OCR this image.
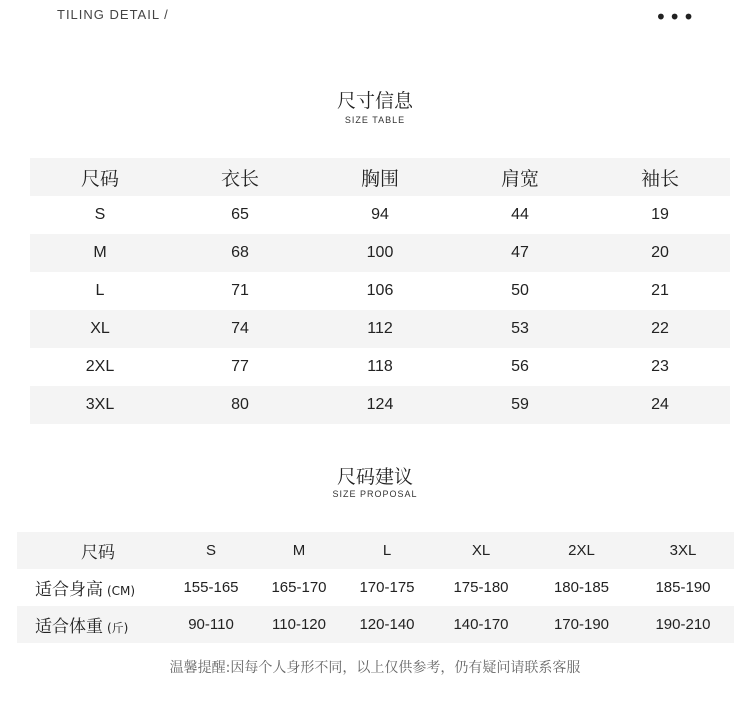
TILING DETAIL /	•••
尺寸信息
SIZE TABLE
尺码	衣长	胸围	肩宽	袖长
S	65	94	44	19
M	68	100	47	20
L	71	106	50	21
XL	74	112	53	22
2XL	77	118	56	23
3XL	80	124	59	24
尺码建议
SIZE PROPOSAL
尺码	S	M	L	XL	2XL	3XL
适合身高 (CM)	155-165	165-170	170-175	175-180	180-185	185-190
适合体重 (斤)	90-110	110-120	120-140	140-170	170-190	190-210
温馨提醒:因每个人身形不同，以上仅供参考，仍有疑问请联系客服
